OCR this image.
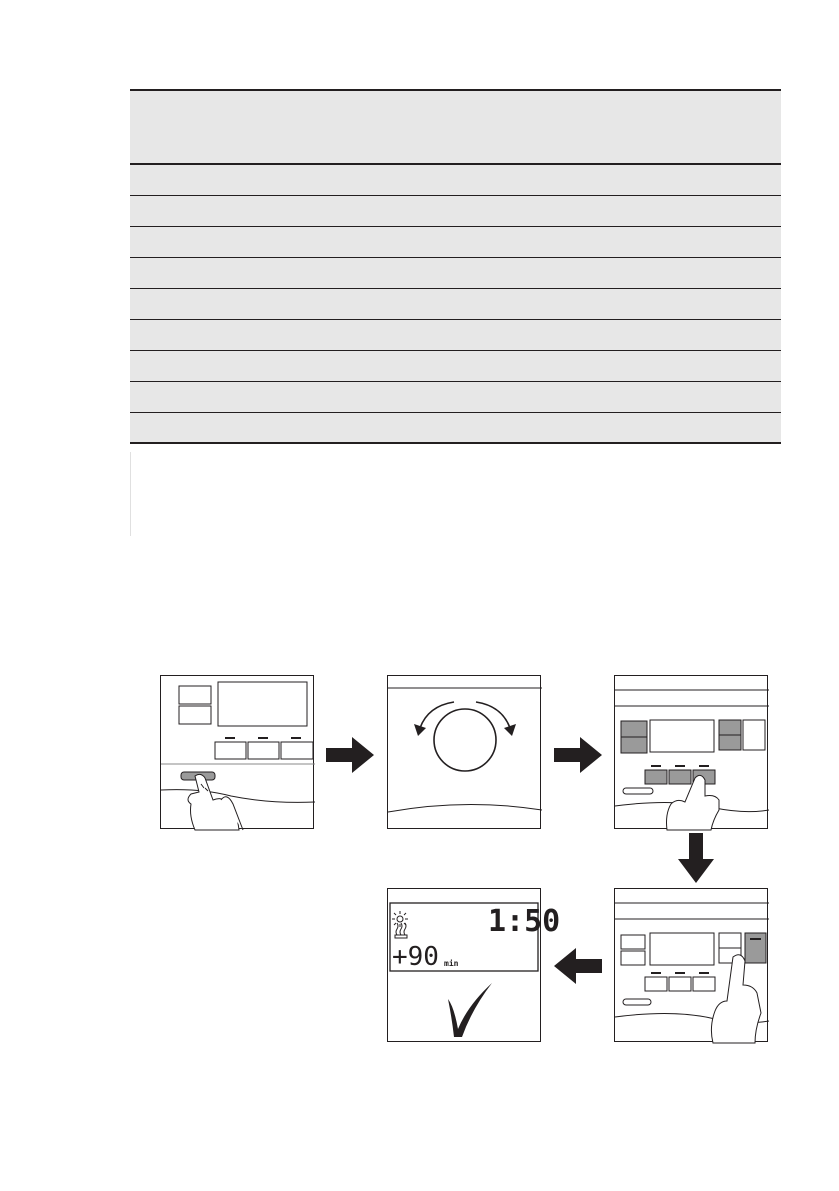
1:50
+90 min
